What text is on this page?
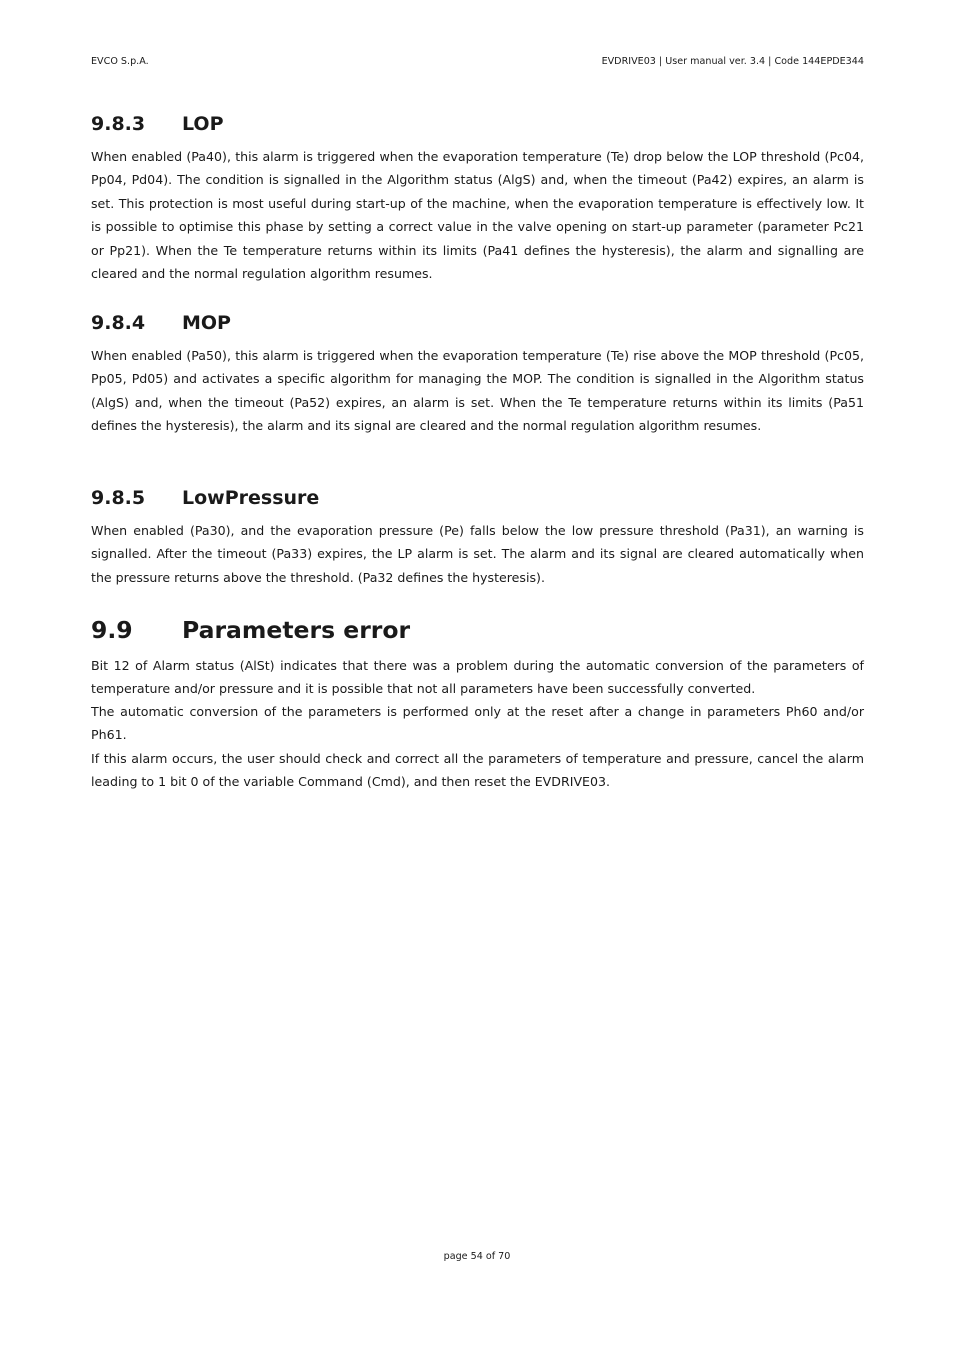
EVCO S.p.A.	EVDRIVE03 | User manual ver. 3.4 | Code 144EPDE344
9.8.3	LOP

When enabled (Pa40), this alarm is triggered when the evaporation temperature (Te) drop below the LOP threshold (Pc04, Pp04, Pd04). The condition is signalled in the Algorithm status (AlgS) and, when the timeout (Pa42) expires, an alarm is set. This protection is most useful during start-up of the machine, when the evaporation temperature is effectively low. It is possible to optimise this phase by setting a correct value in the valve opening on start-up parameter (parameter Pc21 or Pp21). When the Te temperature returns within its limits (Pa41 defines the hysteresis), the alarm and signalling are cleared and the normal regulation algorithm resumes.

9.8.4	MOP

When enabled (Pa50), this alarm is triggered when the evaporation temperature (Te) rise above the MOP threshold (Pc05, Pp05, Pd05) and activates a specific algorithm for managing the MOP. The condition is signalled in the Algorithm status (AlgS) and, when the timeout (Pa52) expires, an alarm is set. When the Te temperature returns within its limits (Pa51 defines the hysteresis), the alarm and its signal are cleared and the normal regulation algorithm resumes.

9.8.5	LowPressure

When enabled (Pa30), and the evaporation pressure (Pe) falls below the low pressure threshold (Pa31), an warning is signalled. After the timeout (Pa33) expires, the LP alarm is set. The alarm and its signal are cleared automatically when the pressure returns above the threshold. (Pa32 defines the hysteresis).

9.9	Parameters error

Bit 12 of Alarm status (AlSt) indicates that there was a problem during the automatic conversion of the parameters of temperature and/or pressure and it is possible that not all parameters have been successfully converted.

The automatic conversion of the parameters is performed only at the reset after a change in parameters Ph60 and/or Ph61.

If this alarm occurs, the user should check and correct all the parameters of temperature and pressure, cancel the alarm leading to 1 bit 0 of the variable Command (Cmd), and then reset the EVDRIVE03.

page 54 of 70
